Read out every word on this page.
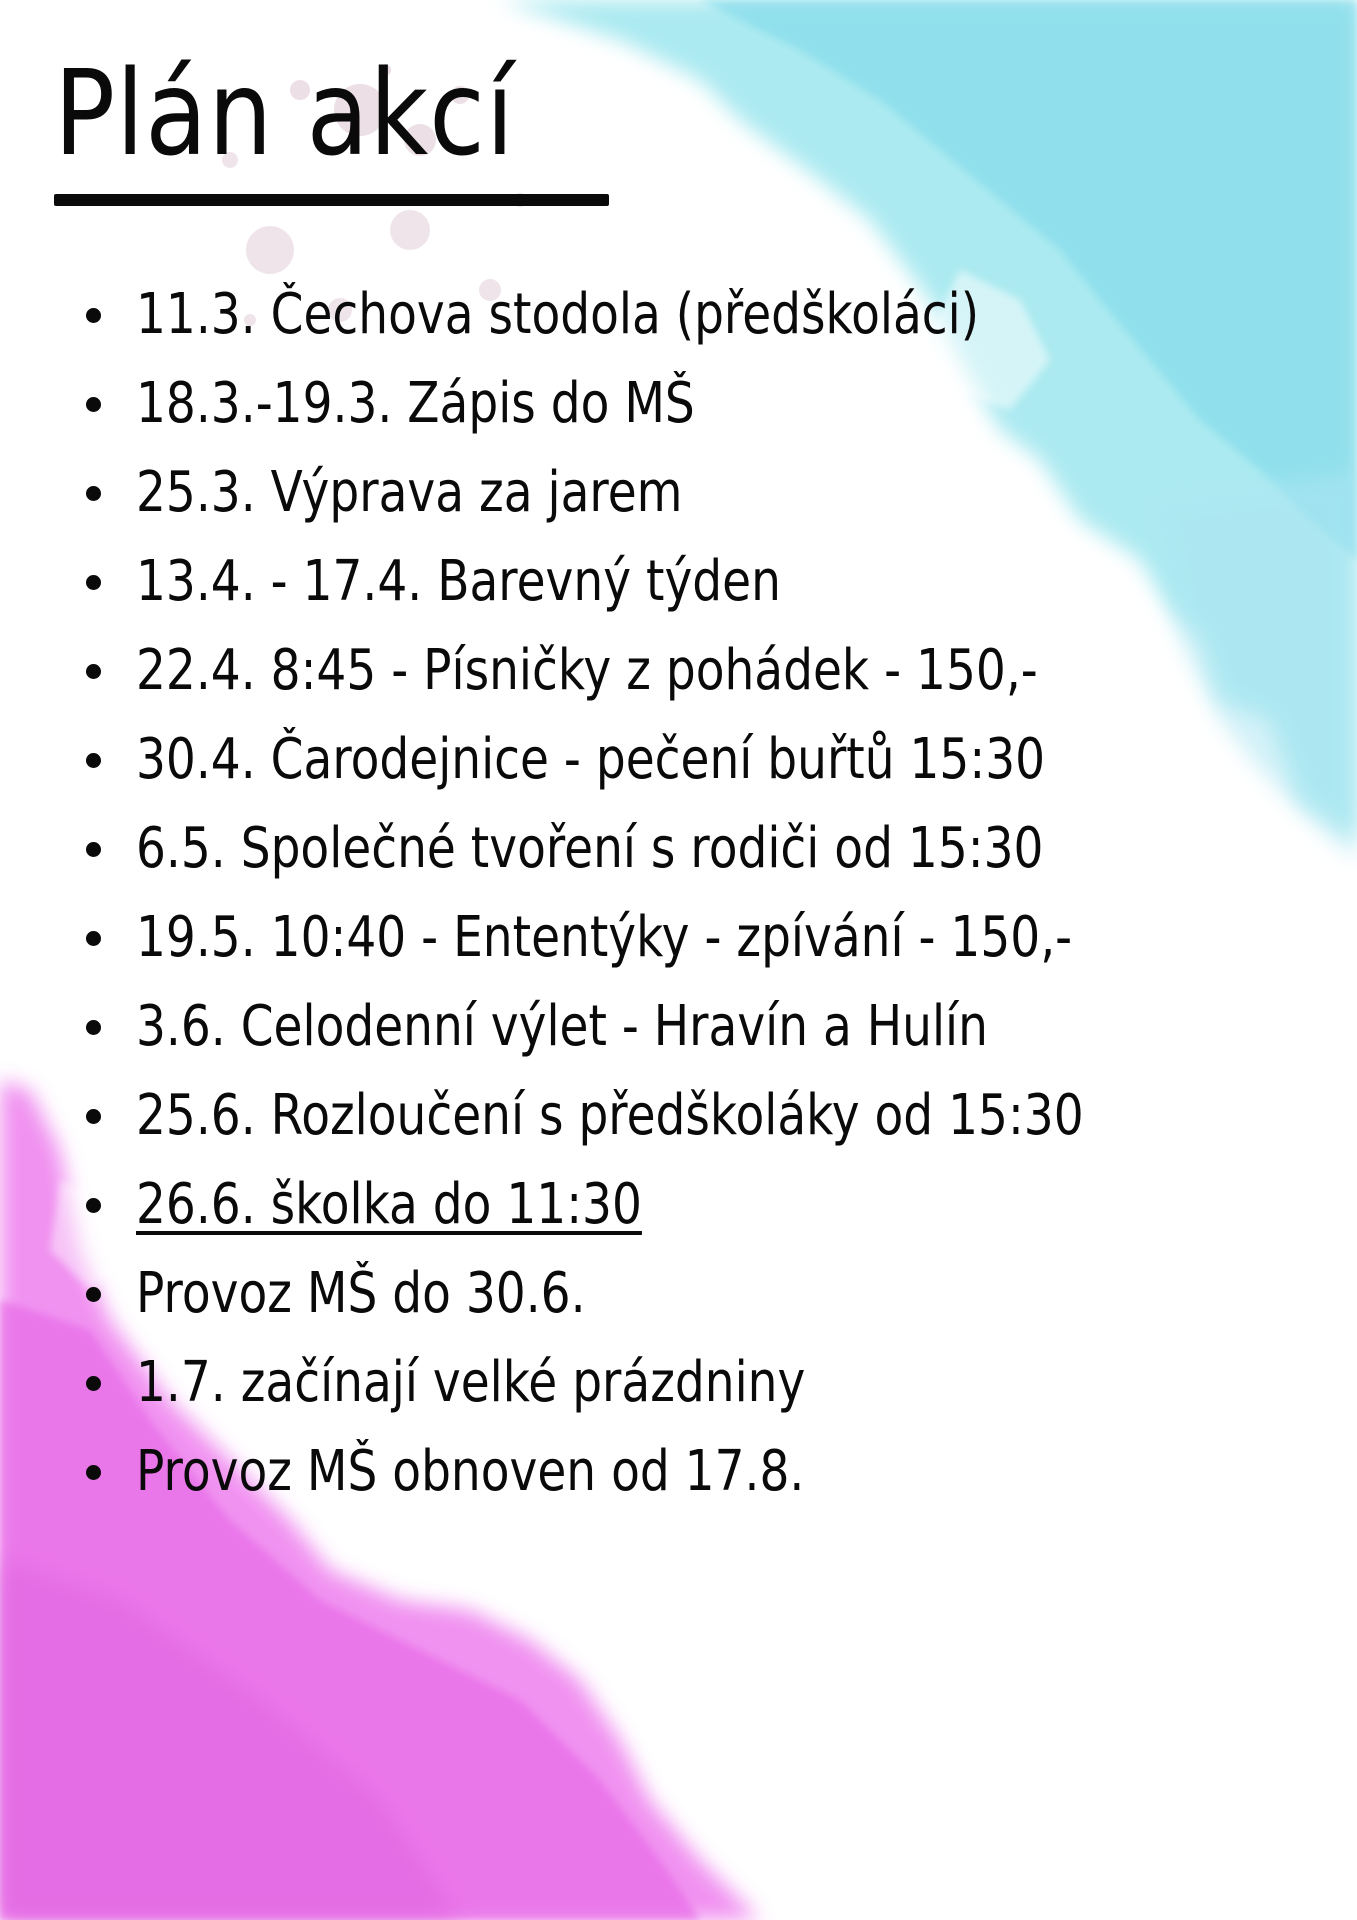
Plán akcí
11.3. Čechova stodola (předškoláci)
18.3.-19.3. Zápis do MŠ
25.3. Výprava za jarem
13.4. - 17.4. Barevný týden
22.4. 8:45 - Písničky z pohádek - 150,-
30.4. Čarodejnice - pečení buřtů 15:30
6.5. Společné tvoření s rodiči od 15:30
19.5. 10:40 - Ententýky - zpívání - 150,-
3.6. Celodenní výlet - Hravín a Hulín
25.6. Rozloučení s předškoláky od 15:30
26.6. školka do 11:30
Provoz MŠ do 30.6.
1.7. začínají velké prázdniny
Provoz MŠ obnoven od 17.8.
